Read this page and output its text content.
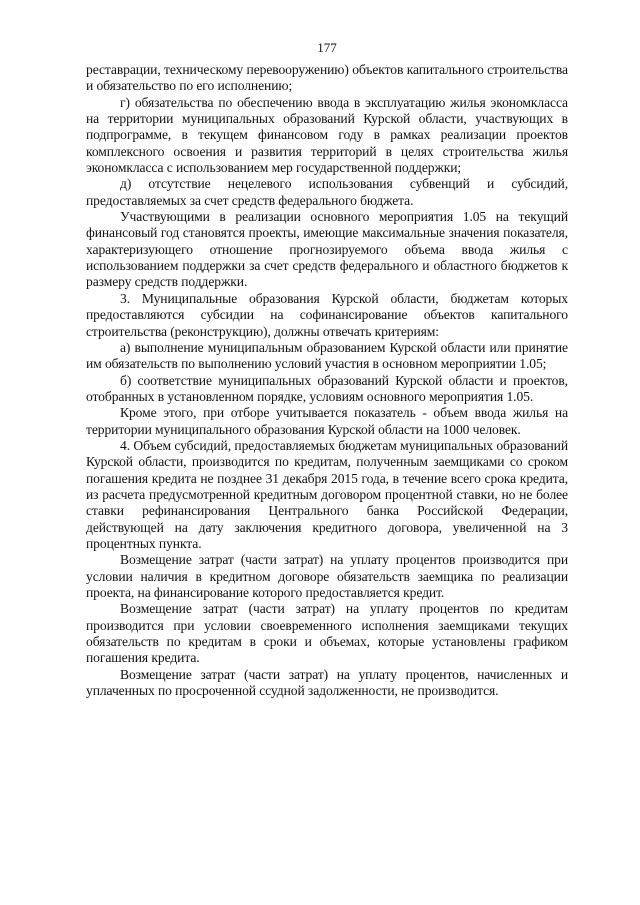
177

реставрации, техническому перевооружению) объектов капитального строительства и обязательство по его исполнению;

г) обязательства по обеспечению ввода в эксплуатацию жилья экономкласса на территории муниципальных образований Курской области, участвующих в подпрограмме, в текущем финансовом году в рамках реализации проектов комплексного освоения и развития территорий в целях строительства жилья экономкласса с использованием мер государственной поддержки;

д) отсутствие нецелевого использования субвенций и субсидий, предоставляемых за счет средств федерального бюджета.

Участвующими в реализации основного мероприятия 1.05 на текущий финансовый год становятся проекты, имеющие максимальные значения показателя, характеризующего отношение прогнозируемого объема ввода жилья с использованием поддержки за счет средств федерального и областного бюджетов к размеру средств поддержки.

3. Муниципальные образования Курской области, бюджетам которых предоставляются субсидии на софинансирование объектов капитального строительства (реконструкцию), должны отвечать критериям:

а) выполнение муниципальным образованием Курской области или принятие им обязательств по выполнению условий участия в основном мероприятии 1.05;

б) соответствие муниципальных образований Курской области и проектов, отобранных в установленном порядке, условиям основного мероприятия 1.05.

Кроме этого, при отборе учитывается показатель - объем ввода жилья на территории муниципального образования Курской области на 1000 человек.

4. Объем субсидий, предоставляемых бюджетам муниципальных образований Курской области, производится по кредитам, полученным заемщиками со сроком погашения кредита не позднее 31 декабря 2015 года, в течение всего срока кредита, из расчета предусмотренной кредитным договором процентной ставки, но не более ставки рефинансирования Центрального банка Российской Федерации, действующей на дату заключения кредитного договора, увеличенной на 3 процентных пункта.

Возмещение затрат (части затрат) на уплату процентов производится при условии наличия в кредитном договоре обязательств заемщика по реализации проекта, на финансирование которого предоставляется кредит.

Возмещение затрат (части затрат) на уплату процентов по кредитам производится при условии своевременного исполнения заемщиками текущих обязательств по кредитам в сроки и объемах, которые установлены графиком погашения кредита.

Возмещение затрат (части затрат) на уплату процентов, начисленных и уплаченных по просроченной ссудной задолженности, не производится.
